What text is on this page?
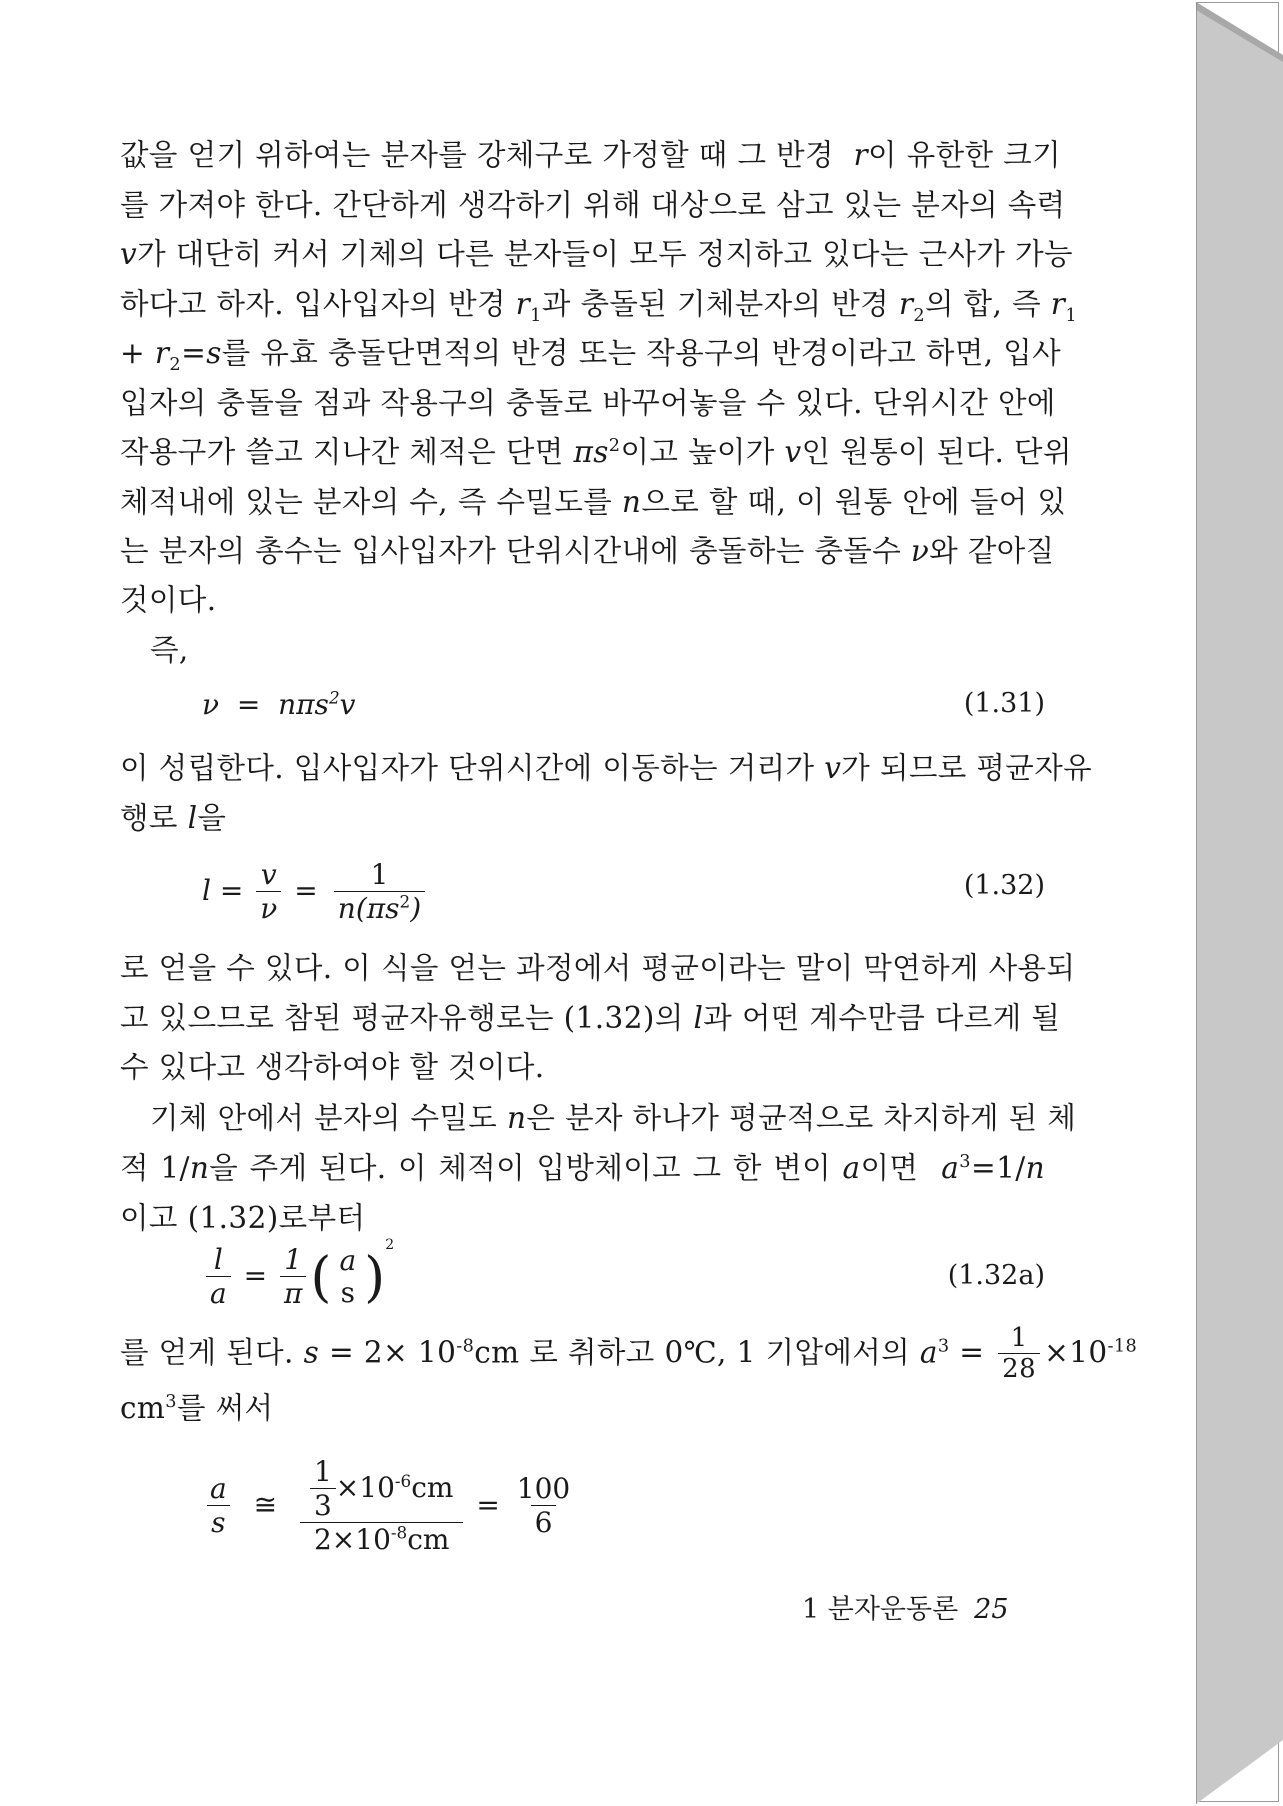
값을 얻기 위하여는 분자를 강체구로 가정할 때 그 반경 r이 유한한 크기
를 가져야 한다. 간단하게 생각하기 위해 대상으로 삼고 있는 분자의 속력
v가 대단히 커서 기체의 다른 분자들이 모두 정지하고 있다는 근사가 가능
하다고 하자. 입사입자의 반경 $r_1$과 충돌된 기체분자의 반경 $r_2$의 합, 즉 $r_1$
+ $r_2=s$를 유효 충돌단면적의 반경 또는 작용구의 반경이라고 하면, 입사
입자의 충돌을 점과 작용구의 충돌로 바꾸어놓을 수 있다. 단위시간 안에
작용구가 쓸고 지나간 체적은 단면 $\pi s^2$이고 높이가 v인 원통이 된다. 단위
체적내에 있는 분자의 수, 즉 수밀도를 n으로 할 때, 이 원통 안에 들어 있
는 분자의 총수는 입사입자가 단위시간내에 충돌하는 충돌수 ν와 같아질
것이다.
즉,
ν = nπs$^2$v	(1.31)
이 성립한다. 입사입자가 단위시간에 이동하는 거리가 v가 되므로 평균자유
행로 l을
$l = \frac{v}{\nu} = \frac{1}{n(\pi s^2)}$	(1.32)
로 얻을 수 있다. 이 식을 얻는 과정에서 평균이라는 말이 막연하게 사용되
고 있으므로 참된 평균자유행로는 (1.32)의 l과 어떤 계수만큼 다르게 될
수 있다고 생각하여야 할 것이다.
기체 안에서 분자의 수밀도 n은 분자 하나가 평균적으로 차지하게 된 체
적 1/n을 주게 된다. 이 체적이 입방체이고 그 한 변이 a이면 $a^3=1/n$
이고 (1.32)로부터
$\frac{l}{a} = \frac{1}{\pi}$ ( a
s )$^2$
(1.32a)
를 얻게 된다. $s = 2\times 10^{-8}cm$ 로 취하고 0℃, 1 기압에서의 $a^3 = \frac{1}{28} \times 10^{-18}$
$cm^3$를 써서
$\frac{a}{s}$ ≅ $\frac{\frac{1}{3} \times 10^{-6}cm}{2\times 10^{-8}cm} = \frac{100}{6}$
1 분자운동론 25
